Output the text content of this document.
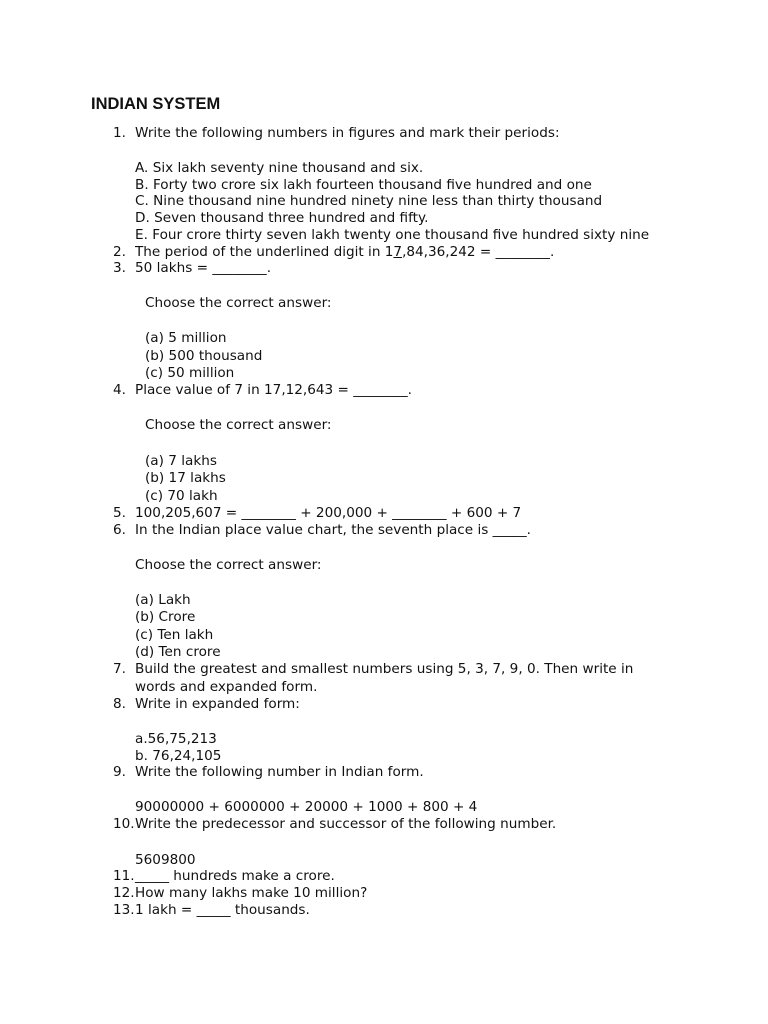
INDIAN SYSTEM
1. Write the following numbers in figures and mark their periods:
A. Six lakh seventy nine thousand and six.
B. Forty two crore six lakh fourteen thousand five hundred and one
C. Nine thousand nine hundred ninety nine less than thirty thousand
D. Seven thousand three hundred and fifty.
E. Four crore thirty seven lakh twenty one thousand five hundred sixty nine
2. The period of the underlined digit in 17,84,36,242 = ________.
3. 50 lakhs = ________.
Choose the correct answer:
(a) 5 million
(b) 500 thousand
(c) 50 million
4. Place value of 7 in 17,12,643 = ________.
Choose the correct answer:
(a) 7 lakhs
(b) 17 lakhs
(c) 70 lakh
5. 100,205,607 = ________ + 200,000 + ________ + 600 + 7
6. In the Indian place value chart, the seventh place is _____.
Choose the correct answer:
(a) Lakh
(b) Crore
(c) Ten lakh
(d) Ten crore
7. Build the greatest and smallest numbers using 5, 3, 7, 9, 0. Then write in
words and expanded form.
8. Write in expanded form:
a.56,75,213
b. 76,24,105
9. Write the following number in Indian form.
90000000 + 6000000 + 20000 + 1000 + 800 + 4
10. Write the predecessor and successor of the following number.
5609800
11. _____ hundreds make a crore.
12. How many lakhs make 10 million?
13. 1 lakh = _____ thousands.
